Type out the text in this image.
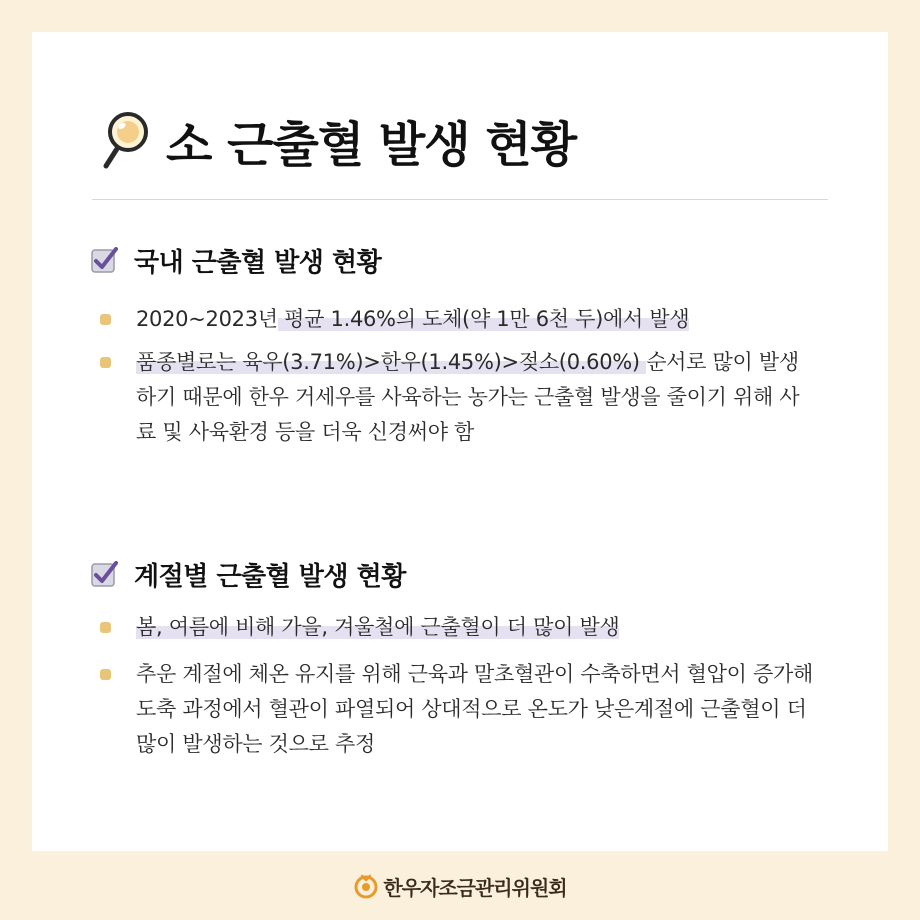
소 근출혈 발생 현황
국내 근출혈 발생 현황
2020~2023년 평균 1.46%의 도체(약 1만 6천 두)에서 발생
품종별로는 육우(3.71%)>한우(1.45%)>젖소(0.60%) 순서로 많이 발생하기 때문에 한우 거세우를 사육하는 농가는 근출혈 발생을 줄이기 위해 사료 및 사육환경 등을 더욱 신경써야 함
계절별 근출혈 발생 현황
봄, 여름에 비해 가을, 겨울철에 근출혈이 더 많이 발생
추운 계절에 체온 유지를 위해 근육과 말초혈관이 수축하면서 혈압이 증가해 도축 과정에서 혈관이 파열되어 상대적으로 온도가 낮은계절에 근출혈이 더 많이 발생하는 것으로 추정
한우자조금관리위원회
